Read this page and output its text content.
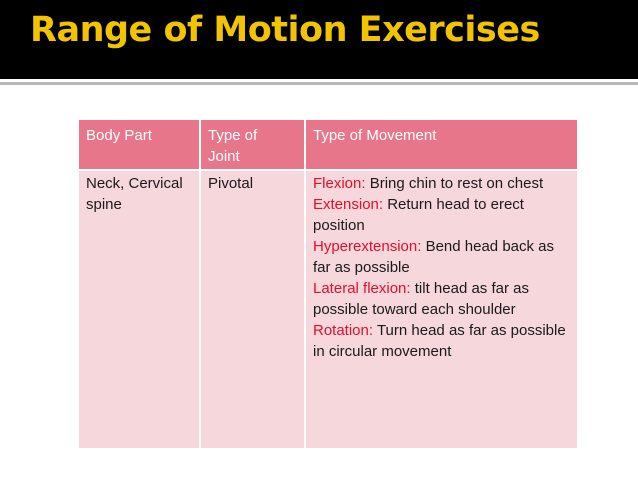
Range of Motion Exercises
Body Part	Type of Joint
Type of Movement
Neck, Cervical spine
Pivotal	Flexion: Bring chin to rest on chest
Extension: Return head to erect position
Hyperextension: Bend head back as far as possible
Lateral flexion: tilt head as far as possible toward each shoulder
Rotation: Turn head as far as possible in circular movement
